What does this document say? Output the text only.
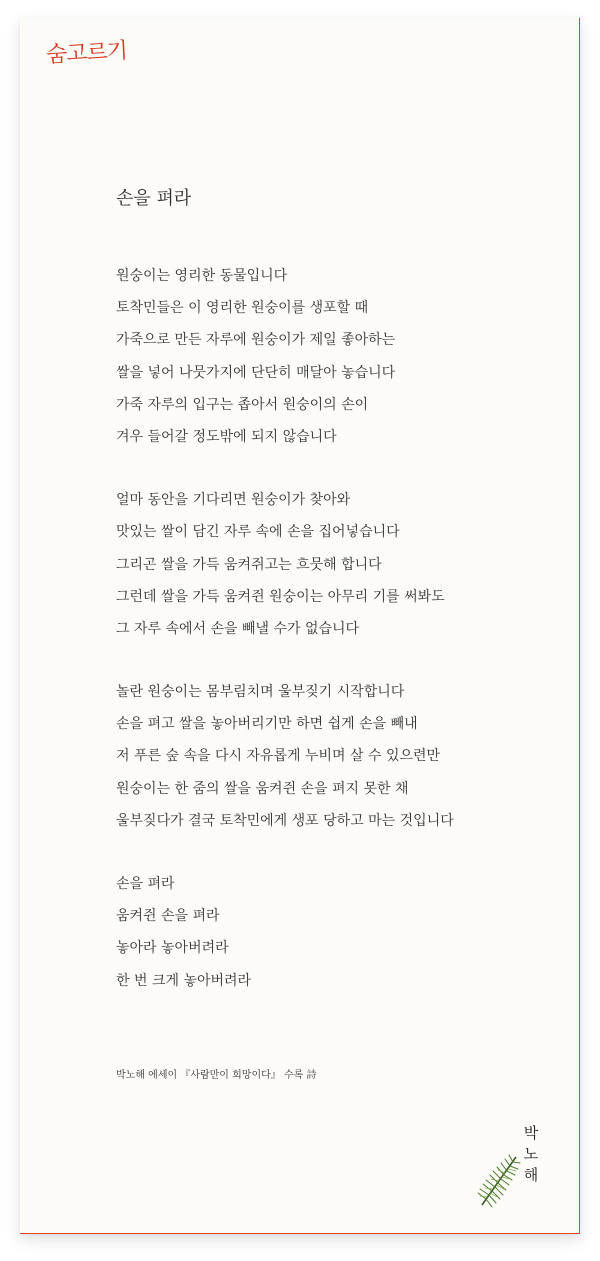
숨고르기
손을 펴라
원숭이는 영리한 동물입니다
토착민들은 이 영리한 원숭이를 생포할 때
가죽으로 만든 자루에 원숭이가 제일 좋아하는
쌀을 넣어 나뭇가지에 단단히 매달아 놓습니다
가죽 자루의 입구는 좁아서 원숭이의 손이
겨우 들어갈 정도밖에 되지 않습니다
얼마 동안을 기다리면 원숭이가 찾아와
맛있는 쌀이 담긴 자루 속에 손을 집어넣습니다
그리곤 쌀을 가득 움켜쥐고는 흐뭇해 합니다
그런데 쌀을 가득 움켜쥔 원숭이는 아무리 기를 써봐도
그 자루 속에서 손을 빼낼 수가 없습니다
놀란 원숭이는 몸부림치며 울부짖기 시작합니다
손을 펴고 쌀을 놓아버리기만 하면 쉽게 손을 빼내
저 푸른 숲 속을 다시 자유롭게 누비며 살 수 있으련만
원숭이는 한 줌의 쌀을 움켜쥔 손을 펴지 못한 채
울부짖다가 결국 토착민에게 생포 당하고 마는 것입니다
손을 펴라
움켜쥔 손을 펴라
놓아라 놓아버려라
한 번 크게 놓아버려라
박노해 에세이 『사람만이 희망이다』 수록 詩
박
노
해
